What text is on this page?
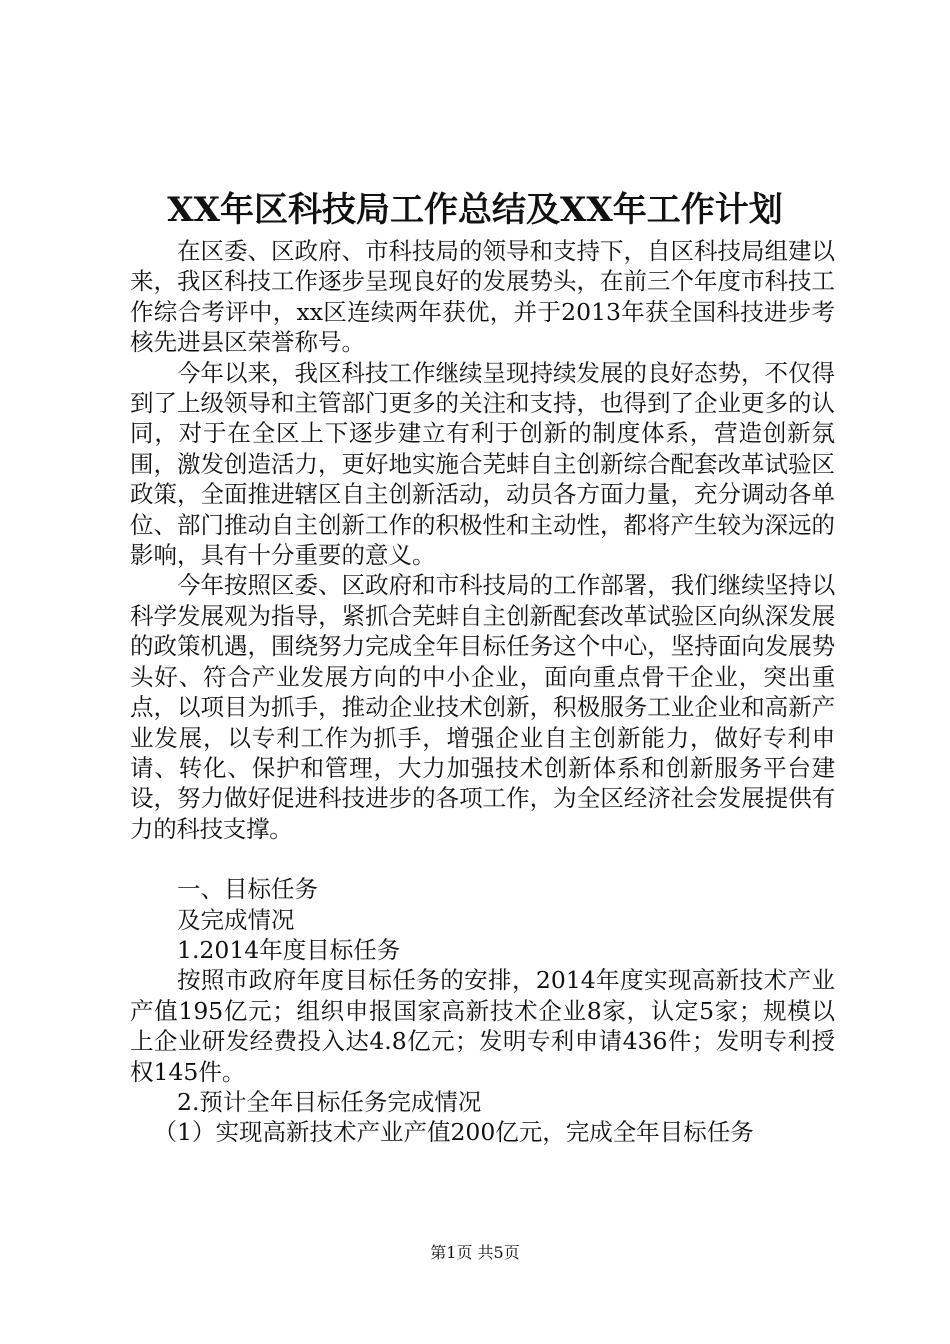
XX年区科技局工作总结及XX年工作计划

在区委、区政府、市科技局的领导和支持下，自区科技局组建以来，我区科技工作逐步呈现良好的发展势头，在前三个年度市科技工作综合考评中，xx区连续两年获优，并于2013年获全国科技进步考核先进县区荣誉称号。

今年以来，我区科技工作继续呈现持续发展的良好态势，不仅得到了上级领导和主管部门更多的关注和支持，也得到了企业更多的认同，对于在全区上下逐步建立有利于创新的制度体系，营造创新氛围，激发创造活力，更好地实施合芜蚌自主创新综合配套改革试验区政策，全面推进辖区自主创新活动，动员各方面力量，充分调动各单位、部门推动自主创新工作的积极性和主动性，都将产生较为深远的影响，具有十分重要的意义。

今年按照区委、区政府和市科技局的工作部署，我们继续坚持以科学发展观为指导，紧抓合芜蚌自主创新配套改革试验区向纵深发展的政策机遇，围绕努力完成全年目标任务这个中心，坚持面向发展势头好、符合产业发展方向的中小企业，面向重点骨干企业，突出重点，以项目为抓手，推动企业技术创新，积极服务工业企业和高新产业发展，以专利工作为抓手，增强企业自主创新能力，做好专利申请、转化、保护和管理，大力加强技术创新体系和创新服务平台建设，努力做好促进科技进步的各项工作，为全区经济社会发展提供有力的科技支撑。

一、目标任务

及完成情况

1.2014年度目标任务

按照市政府年度目标任务的安排，2014年度实现高新技术产业产值195亿元；组织申报国家高新技术企业8家，认定5家；规模以上企业研发经费投入达4.8亿元；发明专利申请436件；发明专利授权145件。

2.预计全年目标任务完成情况

（1）实现高新技术产业产值200亿元，完成全年目标任务

第1页 共5页
